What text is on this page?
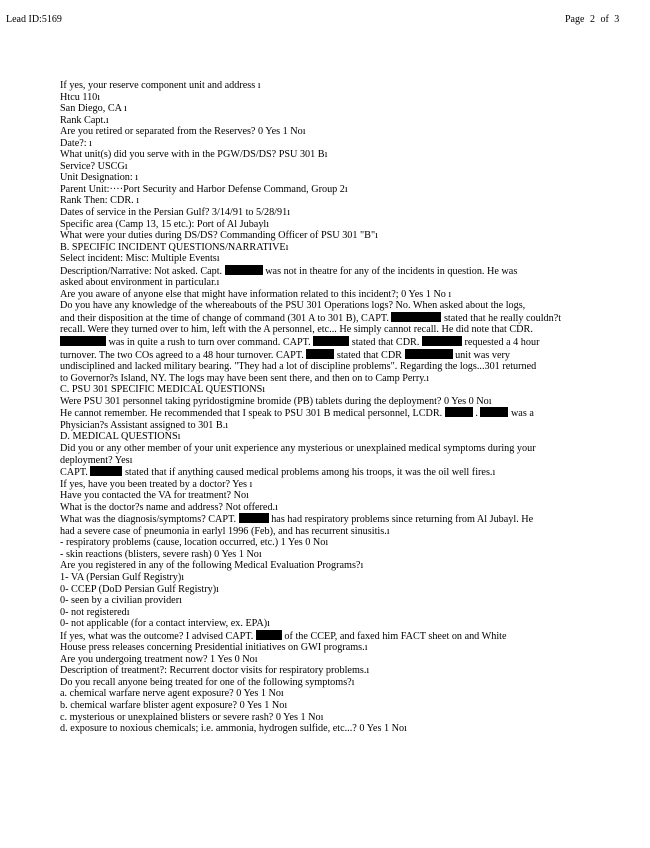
Lead ID:5169	Page 2 of 3
If yes, your reserve component unit and address ı
Htcu 110ı
San Diego, CA ı
Rank Capt.ı
Are you retired or separated from the Reserves? 0 Yes 1 Noı
Date?: ı
What unit(s) did you serve with in the PGW/DS/DS? PSU 301 Bı
Service? USCGı
Unit Designation: ı
Parent Unit:····Port Security and Harbor Defense Command, Group 2ı
Rank Then: CDR. ı
Dates of service in the Persian Gulf? 3/14/91 to 5/28/91ı
Specific area (Camp 13, 15 etc.): Port of Al Jubaylı
What were your duties during DS/DS? Commanding Officer of PSU 301 "B"ı
B. SPECIFIC INCIDENT QUESTIONS/NARRATIVEı
Select incident: Misc: Multiple Eventsı
Description/Narrative: Not asked. Capt.	was not in theatre for any of the incidents in question. He was
asked about environment in particular.ı
Are you aware of anyone else that might have information related to this incident?; 0 Yes 1 No ı
Do you have any knowledge of the whereabouts of the PSU 301 Operations logs? No. When asked about the logs,
and their disposition at the time of change of command (301 A to 301 B), CAPT.	stated that he really couldn?t
recall. Were they turned over to him, left with the A personnel, etc... He simply cannot recall. He did note that CDR.
was in quite a rush to turn over command. CAPT.	stated that CDR.	requested a 4 hour
turnover. The two COs agreed to a 48 hour turnover. CAPT.	stated that CDR	unit was very
undisciplined and lacked military bearing. "They had a lot of discipline problems". Regarding the logs...301 returned
to Governor?s Island, NY. The logs may have been sent there, and then on to Camp Perry.ı
C. PSU 301 SPECIFIC MEDICAL QUESTIONSı
Were PSU 301 personnel taking pyridostigmine bromide (PB) tablets during the deployment? 0 Yes 0 Noı
He cannot remember. He recommended that I speak to PSU 301 B medical personnel, LCDR.	.	was a
Physician?s Assistant assigned to 301 B.ı
D. MEDICAL QUESTIONSı
Did you or any other member of your unit experience any mysterious or unexplained medical symptoms during your
deployment? Yesı
CAPT.	stated that if anything caused medical problems among his troops, it was the oil well fires.ı
If yes, have you been treated by a doctor? Yes ı
Have you contacted the VA for treatment? Noı
What is the doctor?s name and address? Not offered.ı
What was the diagnosis/symptoms? CAPT.	has had respiratory problems since returning from Al Jubayl. He
had a severe case of pneumonia in earlyl 1996 (Feb), and has recurrent sinusitis.ı
- respiratory problems (cause, location occurred, etc.) 1 Yes 0 Noı
- skin reactions (blisters, severe rash) 0 Yes 1 Noı
Are you registered in any of the following Medical Evaluation Programs?ı
1- VA (Persian Gulf Registry)ı
0- CCEP (DoD Persian Gulf Registry)ı
0- seen by a civilian providerı
0- not registeredı
0- not applicable (for a contact interview, ex. EPA)ı
If yes, what was the outcome? I advised CAPT.	of the CCEP, and faxed him FACT sheet on and White
House press releases concerning Presidential initiatives on GWI programs.ı
Are you undergoing treatment now? 1 Yes 0 Noı
Description of treatment?: Recurrent doctor visits for respiratory problems.ı
Do you recall anyone being treated for one of the following symptoms?ı
a. chemical warfare nerve agent exposure? 0 Yes 1 Noı
b. chemical warfare blister agent exposure? 0 Yes 1 Noı
c. mysterious or unexplained blisters or severe rash? 0 Yes 1 Noı
d. exposure to noxious chemicals; i.e. ammonia, hydrogen sulfide, etc...? 0 Yes 1 Noı
